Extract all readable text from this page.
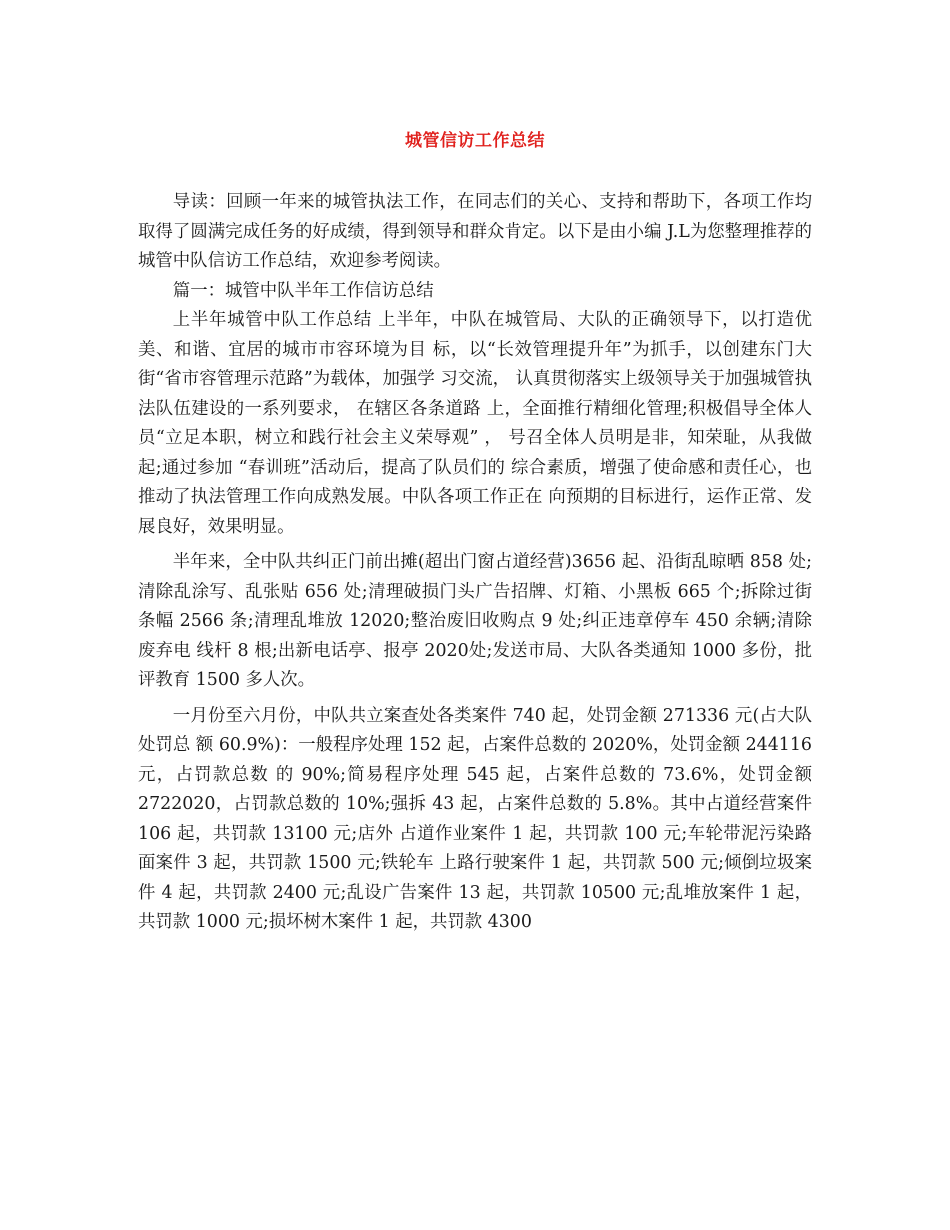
城管信访工作总结

导读：回顾一年来的城管执法工作，在同志们的关心、支持和帮助下，各项工作均取得了圆满完成任务的好成绩，得到领导和群众肯定。以下是由小编 J.L为您整理推荐的城管中队信访工作总结，欢迎参考阅读。

篇一：城管中队半年工作信访总结

上半年城管中队工作总结 上半年，中队在城管局、大队的正确领导下，以打造优美、和谐、宜居的城市市容环境为目 标，以“长效管理提升年”为抓手，以创建东门大街“省市容管理示范路”为载体，加强学 习交流， 认真贯彻落实上级领导关于加强城管执法队伍建设的一系列要求， 在辖区各条道路 上，全面推行精细化管理;积极倡导全体人员“立足本职，树立和践行社会主义荣辱观” ， 号召全体人员明是非，知荣耻，从我做起;通过参加 “春训班”活动后，提高了队员们的 综合素质，增强了使命感和责任心，也推动了执法管理工作向成熟发展。中队各项工作正在 向预期的目标进行，运作正常、发展良好，效果明显。

半年来，全中队共纠正门前出摊(超出门窗占道经营)3656 起、沿街乱晾晒 858 处; 清除乱涂写、乱张贴 656 处;清理破损门头广告招牌、灯箱、小黑板 665 个;拆除过街条幅 2566 条;清理乱堆放 12020;整治废旧收购点 9 处;纠正违章停车 450 余辆;清除废弃电 线杆 8 根;出新电话亭、报亭 2020处;发送市局、大队各类通知 1000 多份，批评教育 1500 多人次。

一月份至六月份，中队共立案查处各类案件 740 起，处罚金额 271336 元(占大队处罚总 额 60.9%)：一般程序处理 152 起，占案件总数的 2020%，处罚金额 244116 元，占罚款总数 的 90%;简易程序处理 545 起，占案件总数的 73.6%，处罚金额 2722020，占罚款总数的 10%;强拆 43 起，占案件总数的 5.8%。其中占道经营案件 106 起，共罚款 13100 元;店外 占道作业案件 1 起，共罚款 100 元;车轮带泥污染路面案件 3 起，共罚款 1500 元;铁轮车 上路行驶案件 1 起，共罚款 500 元;倾倒垃圾案件 4 起，共罚款 2400 元;乱设广告案件 13 起，共罚款 10500 元;乱堆放案件 1 起，共罚款 1000 元;损坏树木案件 1 起，共罚款 4300
